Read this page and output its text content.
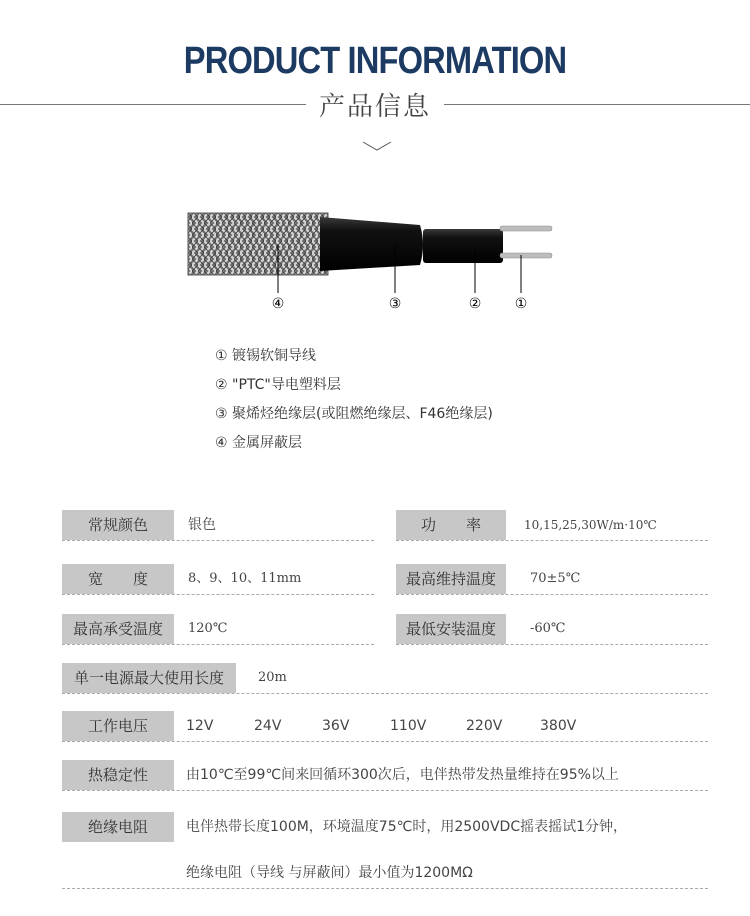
PRODUCT INFORMATION
产品信息
④	③	② ①
① 镀锡软铜导线
② "PTC"导电塑料层
③ 聚烯烃绝缘层(或阻燃绝缘层、F46绝缘层)
④ 金属屏蔽层
常规颜色	银色	功　　率	10,15,25,30W/m·10℃
宽　　度	8、9、10、11mm	最高维持温度	70±5℃
最高承受温度	120℃	最低安装温度	-60℃
单一电源最大使用长度	20m
工作电压	12V	24V	36V	110V	220V	380V
热稳定性	由10℃至99℃间来回循环300次后，电伴热带发热量维持在95%以上
绝缘电阻	电伴热带长度100M，环境温度75℃时，用2500VDC摇表摇试1分钟，
绝缘电阻（导线 与屏蔽间）最小值为1200MΩ
